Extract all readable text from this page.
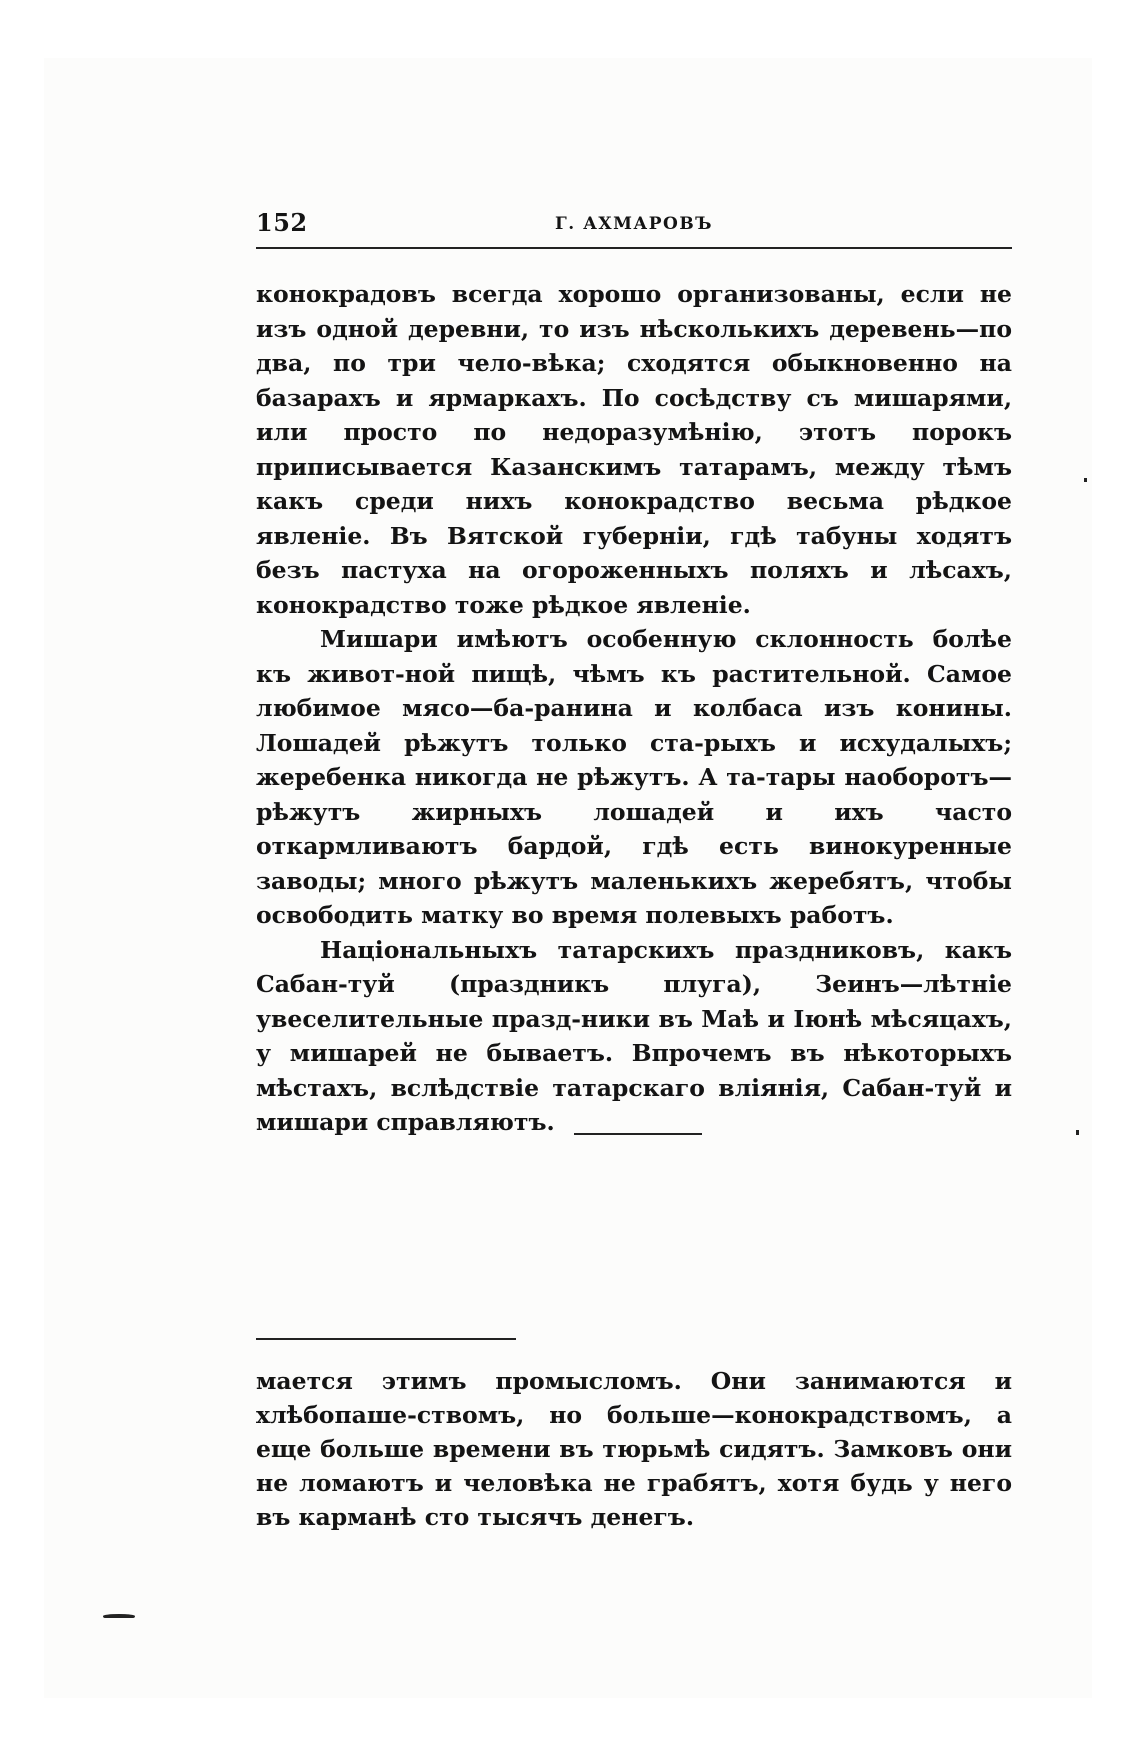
152	Г. АХМАРОВЪ

конокрадовъ всегда хорошо организованы, если не изъ одной деревни, то изъ нѣсколькихъ деревень—по два, по три чело-вѣка; сходятся обыкновенно на базарахъ и ярмаркахъ. По сосѣдству съ мишарями, или просто по недоразумѣнію, этотъ порокъ приписывается Казанскимъ татарамъ, между тѣмъ какъ среди нихъ конокрадство весьма рѣдкое явленіе. Въ Вятской губерніи, гдѣ табуны ходятъ безъ пастуха на огороженныхъ поляхъ и лѣсахъ, конокрадство тоже рѣдкое явленіе.

Мишари имѣютъ особенную склонность болѣе къ живот-ной пищѣ, чѣмъ къ растительной. Самое любимое мясо—ба-ранина и колбаса изъ конины. Лошадей рѣжутъ только ста-рыхъ и исхудалыхъ; жеребенка никогда не рѣжутъ. А та-тары наоборотъ—рѣжутъ жирныхъ лошадей и ихъ часто откармливаютъ бардой, гдѣ есть винокуренные заводы; много рѣжутъ маленькихъ жеребятъ, чтобы освободить матку во время полевыхъ работъ.

Національныхъ татарскихъ праздниковъ, какъ Сабан-туй (праздникъ плуга), Зеинъ—лѣтніе увеселительные празд-ники въ Маѣ и Іюнѣ мѣсяцахъ, у мишарей не бываетъ. Впрочемъ въ нѣкоторыхъ мѣстахъ, вслѣдствіе татарскаго вліянія, Сабан-туй и мишари справляютъ.

мается этимъ промысломъ. Они занимаются и хлѣбопаше-ствомъ, но больше—конокрадствомъ, а еще больше времени въ тюрьмѣ сидятъ. Замковъ они не ломаютъ и человѣка не грабятъ, хотя будь у него въ карманѣ сто тысячъ денегъ.
